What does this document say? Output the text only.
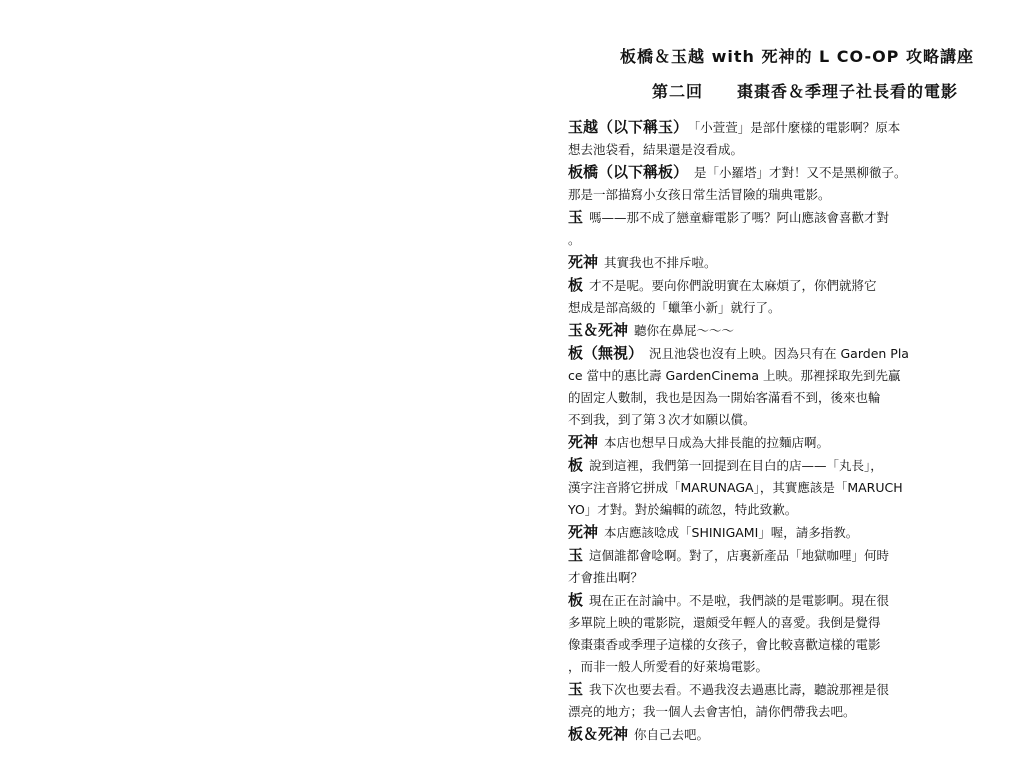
板橋＆玉越 with 死神的 L CO-OP 攻略講座
第二回　　棗棗香＆季理子社長看的電影
玉越（以下稱玉） 「小萱萱」是部什麼樣的電影啊？原本
想去池袋看，結果還是沒看成。
板橋（以下稱板） 是「小羅塔」才對！又不是黑柳徹子。
那是一部描寫小女孩日常生活冒險的瑞典電影。
玉 嗎——那不成了戀童癖電影了嗎？阿山應該會喜歡才對
。
死神 其實我也不排斥啦。
板 才不是呢。要向你們說明實在太麻煩了，你們就將它
想成是部高級的「蠟筆小新」就行了。
玉＆死神 聽你在鼻屁～～～
板（無視） 況且池袋也沒有上映。因為只有在 Garden Pla
ce 當中的惠比壽 GardenCinema 上映。那裡採取先到先贏
的固定人數制，我也是因為一開始客滿看不到，後來也輪
不到我，到了第３次才如願以償。
死神 本店也想早日成為大排長龍的拉麵店啊。
板 說到這裡，我們第一回提到在目白的店——「丸長」，
漢字注音將它拼成「MARUNAGA」，其實應該是「MARUCH
YO」才對。對於編輯的疏忽，特此致歉。
死神 本店應該唸成「SHINIGAMI」喔，請多指教。
玉 這個誰都會唸啊。對了，店裏新產品「地獄咖哩」何時
才會推出啊？
板 現在正在討論中。不是啦，我們談的是電影啊。現在很
多單院上映的電影院，還頗受年輕人的喜愛。我倒是覺得
像棗棗香或季理子這樣的女孩子，會比較喜歡這樣的電影
，而非一般人所愛看的好萊塢電影。
玉 我下次也要去看。不過我沒去過惠比壽，聽說那裡是很
漂亮的地方；我一個人去會害怕，請你們帶我去吧。
板＆死神 你自己去吧。
